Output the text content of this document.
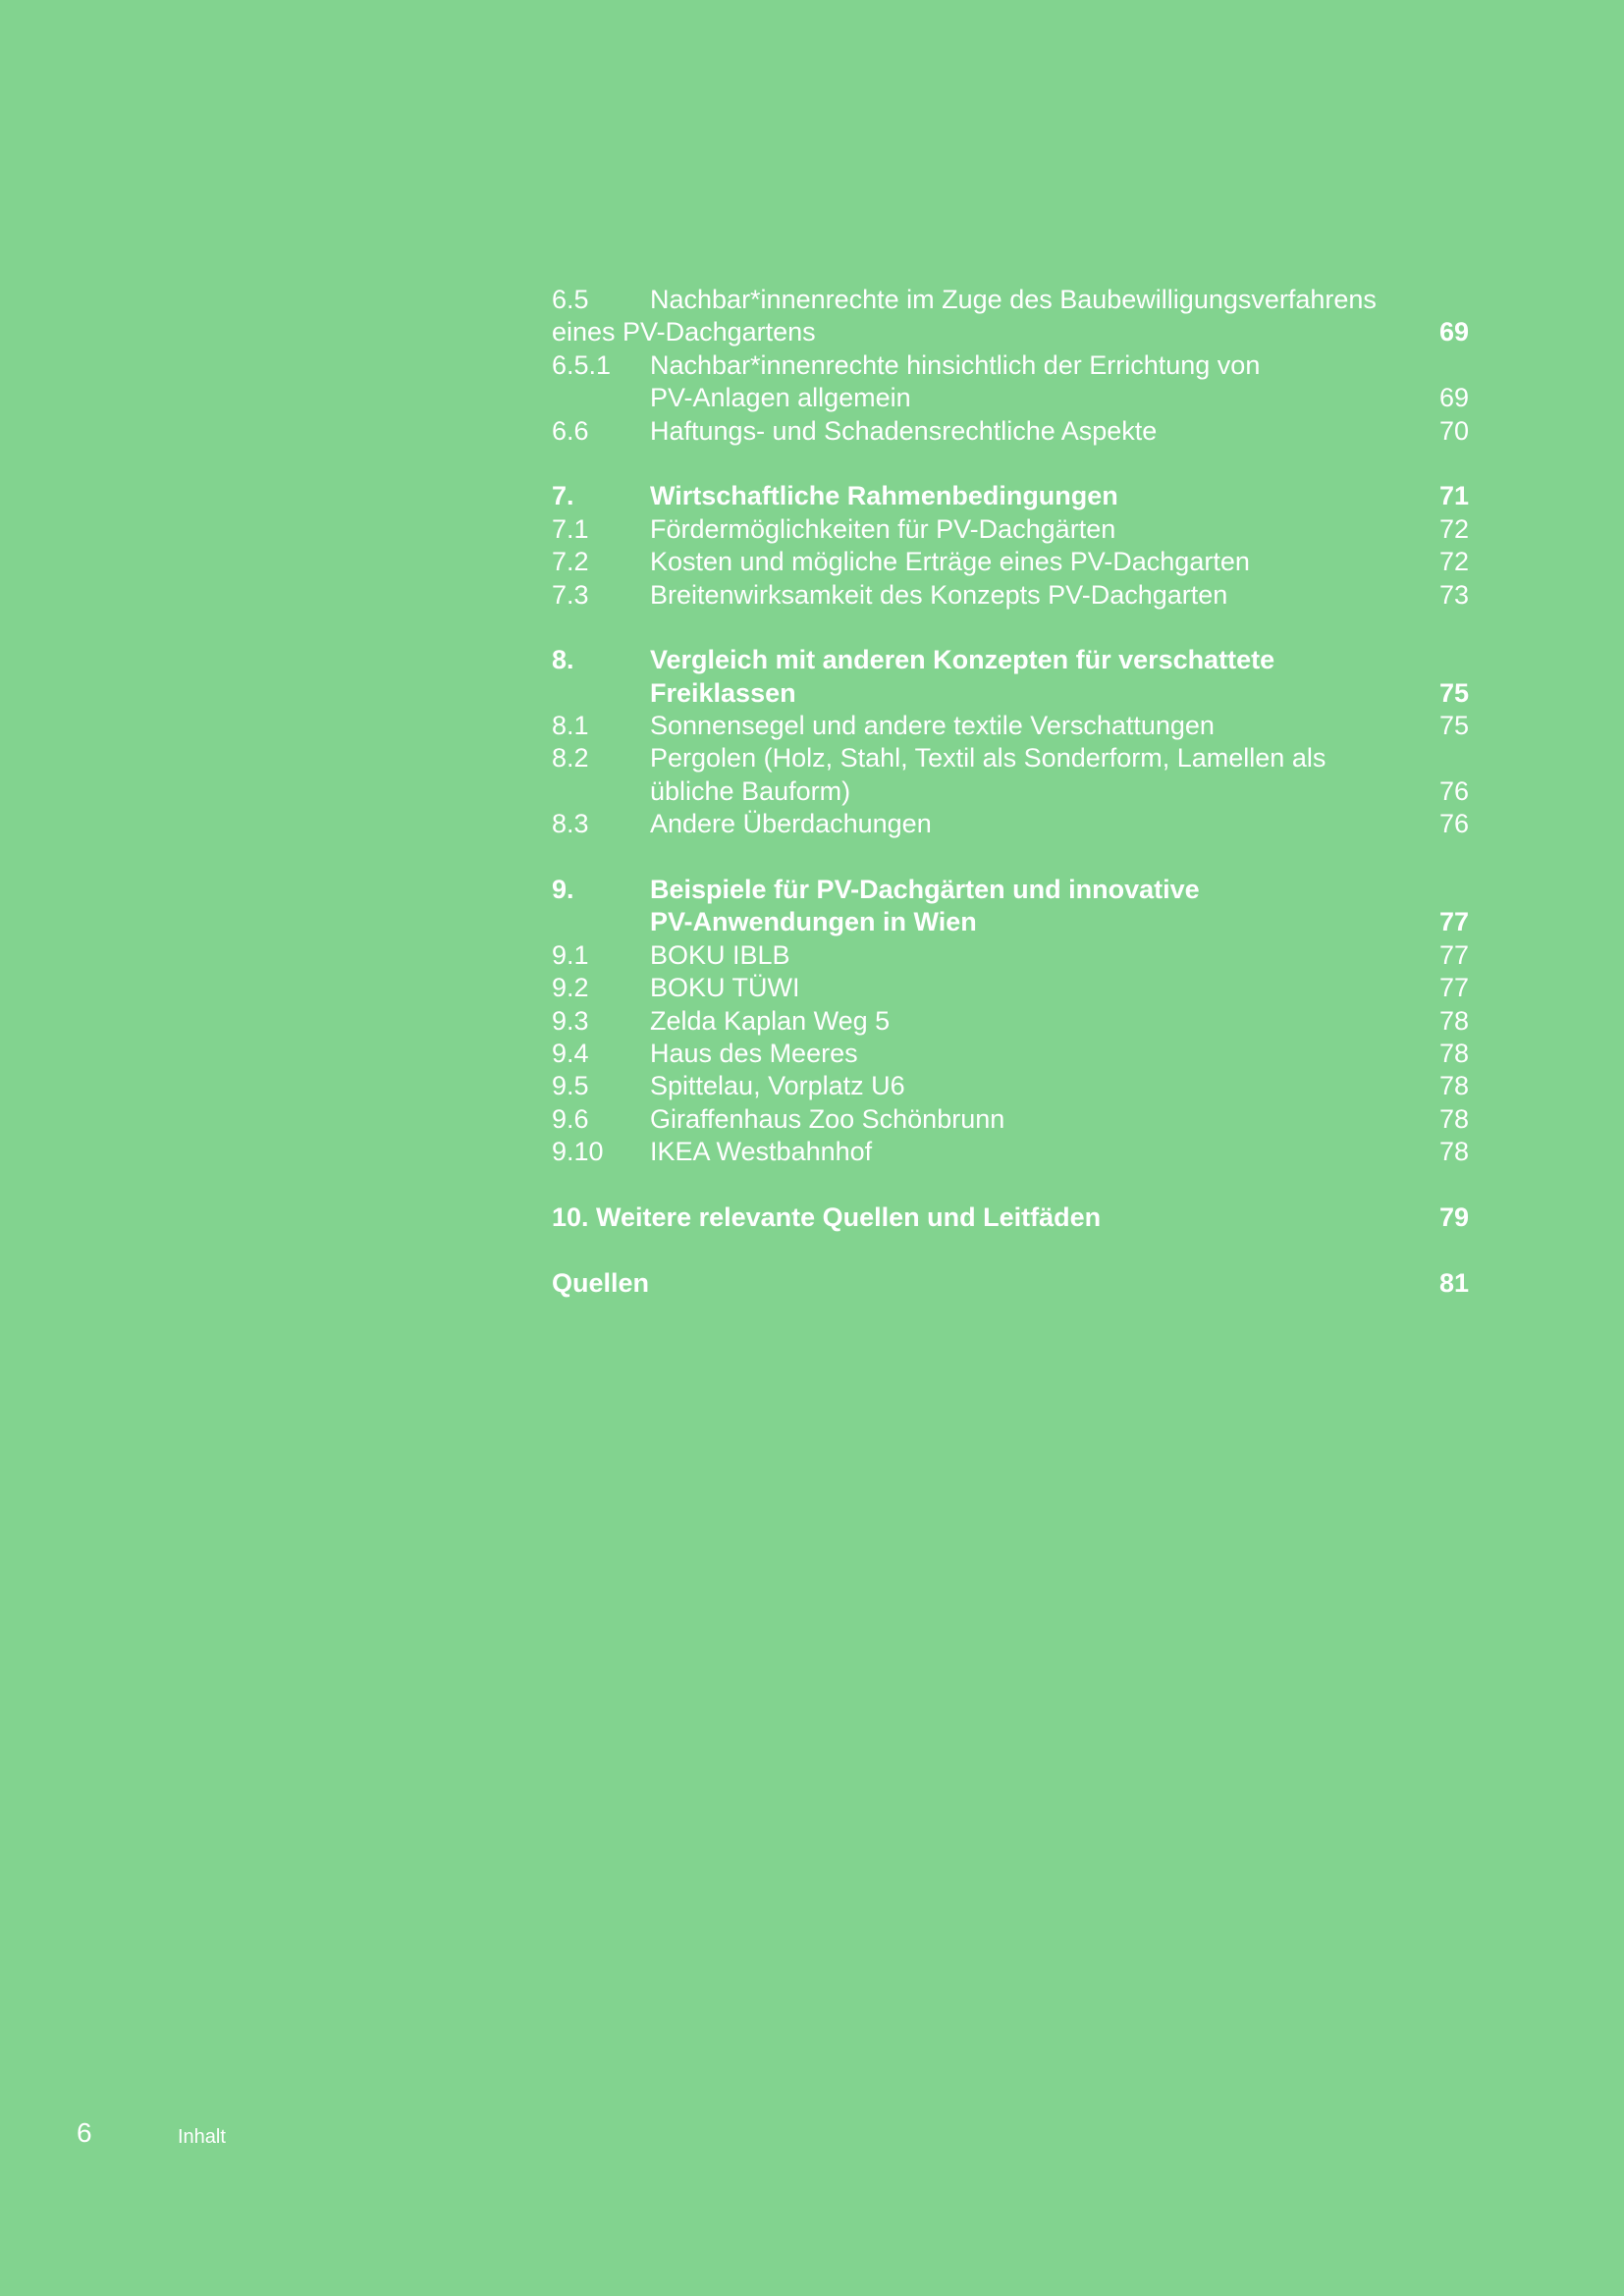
6.5 Nachbar*innenrechte im Zuge des Baubewilligungsverfahrens
eines PV-Dachgartens	69
6.5.1 Nachbar*innenrechte hinsichtlich der Errichtung von
PV-Anlagen allgemein	69
6.6 Haftungs- und Schadensrechtliche Aspekte	70
7.	Wirtschaftliche Rahmenbedingungen	71
7.1 Fördermöglichkeiten für PV-Dachgärten	72
7.2 Kosten und mögliche Erträge eines PV-Dachgarten	72
7.3 Breitenwirksamkeit des Konzepts PV-Dachgarten	73
8.	Vergleich mit anderen Konzepten für verschattete
Freiklassen	75
8.1 Sonnensegel und andere textile Verschattungen	75
8.2 Pergolen (Holz, Stahl, Textil als Sonderform, Lamellen als
übliche Bauform)	76
8.3 Andere Überdachungen	76
9.	Beispiele für PV-Dachgärten und innovative
PV-Anwendungen in Wien	77
9.1 BOKU IBLB	77
9.2 BOKU TÜWI	77
9.3 Zelda Kaplan Weg 5	78
9.4 Haus des Meeres	78
9.5 Spittelau, Vorplatz U6	78
9.6 Giraffenhaus Zoo Schönbrunn	78
9.10 IKEA Westbahnhof	78
10. Weitere relevante Quellen und Leitfäden	79
Quellen	81
6	Inhalt
